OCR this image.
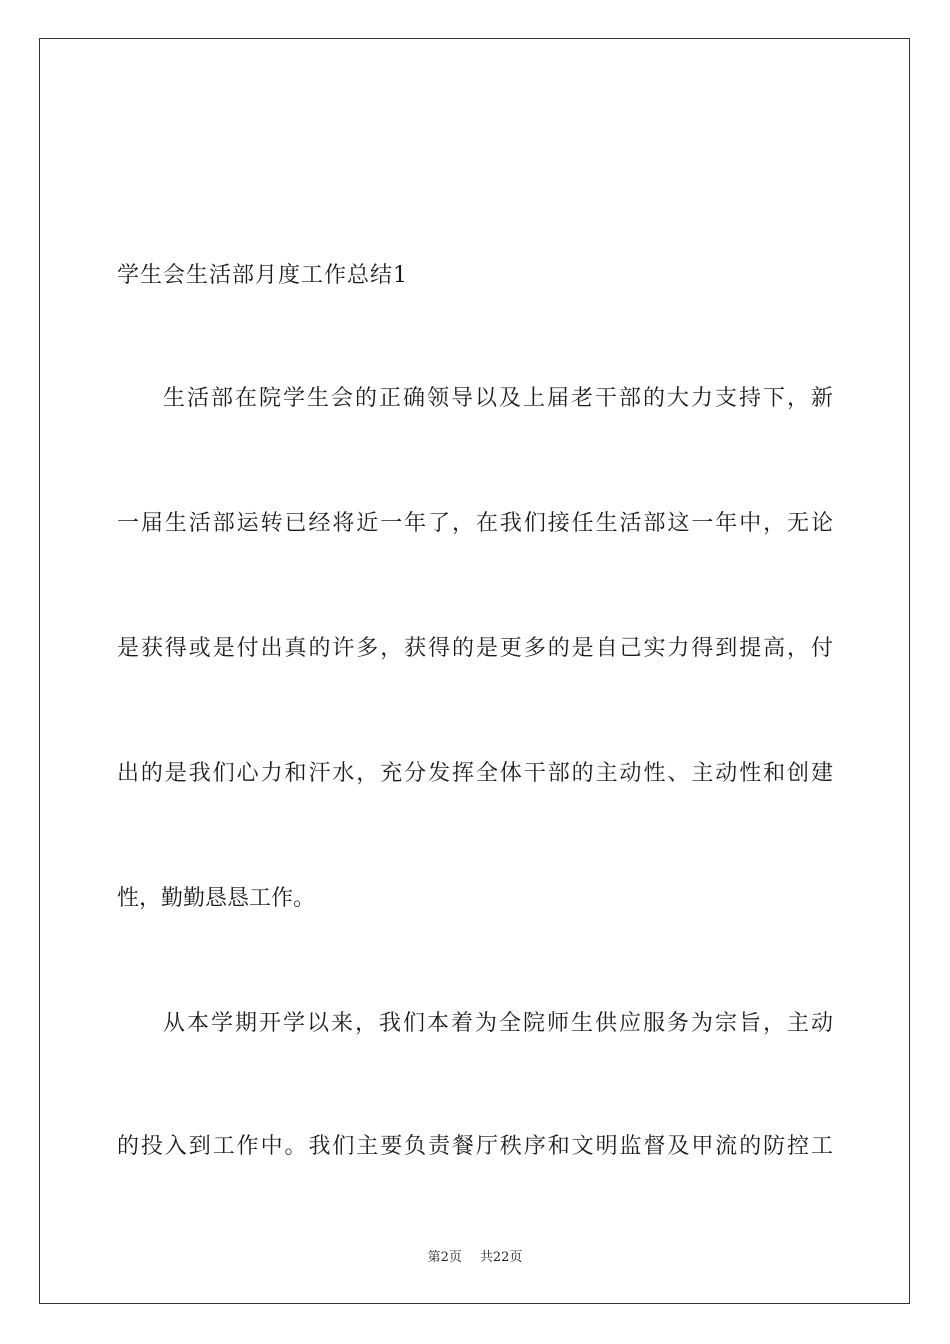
学生会生活部月度工作总结1

生活部在院学生会的正确领导以及上届老干部的大力支持下，新

一届生活部运转已经将近一年了，在我们接任生活部这一年中，无论

是获得或是付出真的许多，获得的是更多的是自己实力得到提高，付

出的是我们心力和汗水，充分发挥全体干部的主动性、主动性和创建

性，勤勤恳恳工作。

从本学期开学以来，我们本着为全院师生供应服务为宗旨，主动

的投入到工作中。我们主要负责餐厅秩序和文明监督及甲流的防控工

第2页 共22页
